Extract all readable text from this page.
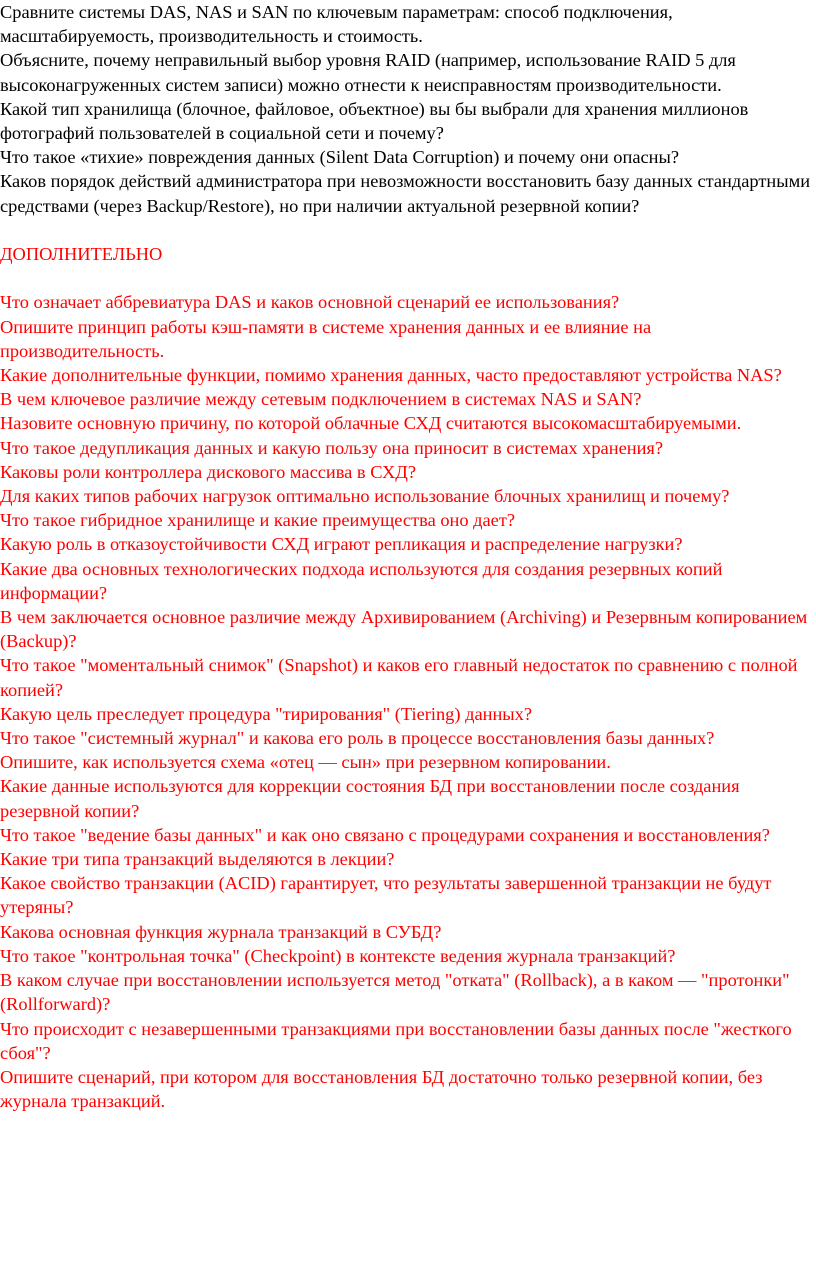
Сравните системы DAS, NAS и SAN по ключевым параметрам: способ подключения, масштабируемость, производительность и стоимость.

Объясните, почему неправильный выбор уровня RAID (например, использование RAID 5 для высоконагруженных систем записи) можно отнести к неисправностям производительности.

Какой тип хранилища (блочное, файловое, объектное) вы бы выбрали для хранения миллионов фотографий пользователей в социальной сети и почему?

Что такое «тихие» повреждения данных (Silent Data Corruption) и почему они опасны?

Каков порядок действий администратора при невозможности восстановить базу данных стандартными средствами (через Backup/Restore), но при наличии актуальной резервной копии?

ДОПОЛНИТЕЛЬНО

Что означает аббревиатура DAS и каков основной сценарий ее использования?

Опишите принцип работы кэш-памяти в системе хранения данных и ее влияние на производительность.

Какие дополнительные функции, помимо хранения данных, часто предоставляют устройства NAS?

В чем ключевое различие между сетевым подключением в системах NAS и SAN?

Назовите основную причину, по которой облачные СХД считаются высокомасштабируемыми.

Что такое дедупликация данных и какую пользу она приносит в системах хранения?

Каковы роли контроллера дискового массива в СХД?

Для каких типов рабочих нагрузок оптимально использование блочных хранилищ и почему?

Что такое гибридное хранилище и какие преимущества оно дает?

Какую роль в отказоустойчивости СХД играют репликация и распределение нагрузки?

Какие два основных технологических подхода используются для создания резервных копий информации?

В чем заключается основное различие между Архивированием (Archiving) и Резервным копированием (Backup)?

Что такое "моментальный снимок" (Snapshot) и каков его главный недостаток по сравнению с полной копией?

Какую цель преследует процедура "тирирования" (Tiering) данных?

Что такое "системный журнал" и какова его роль в процессе восстановления базы данных?

Опишите, как используется схема «отец — сын» при резервном копировании.

Какие данные используются для коррекции состояния БД при восстановлении после создания резервной копии?

Что такое "ведение базы данных" и как оно связано с процедурами сохранения и восстановления?

Какие три типа транзакций выделяются в лекции?

Какое свойство транзакции (ACID) гарантирует, что результаты завершенной транзакции не будут утеряны?

Какова основная функция журнала транзакций в СУБД?

Что такое "контрольная точка" (Checkpoint) в контексте ведения журнала транзакций?

В каком случае при восстановлении используется метод "отката" (Rollback), а в каком — "протонки" (Rollforward)?

Что происходит с незавершенными транзакциями при восстановлении базы данных после "жесткого сбоя"?

Опишите сценарий, при котором для восстановления БД достаточно только резервной копии, без журнала транзакций.
